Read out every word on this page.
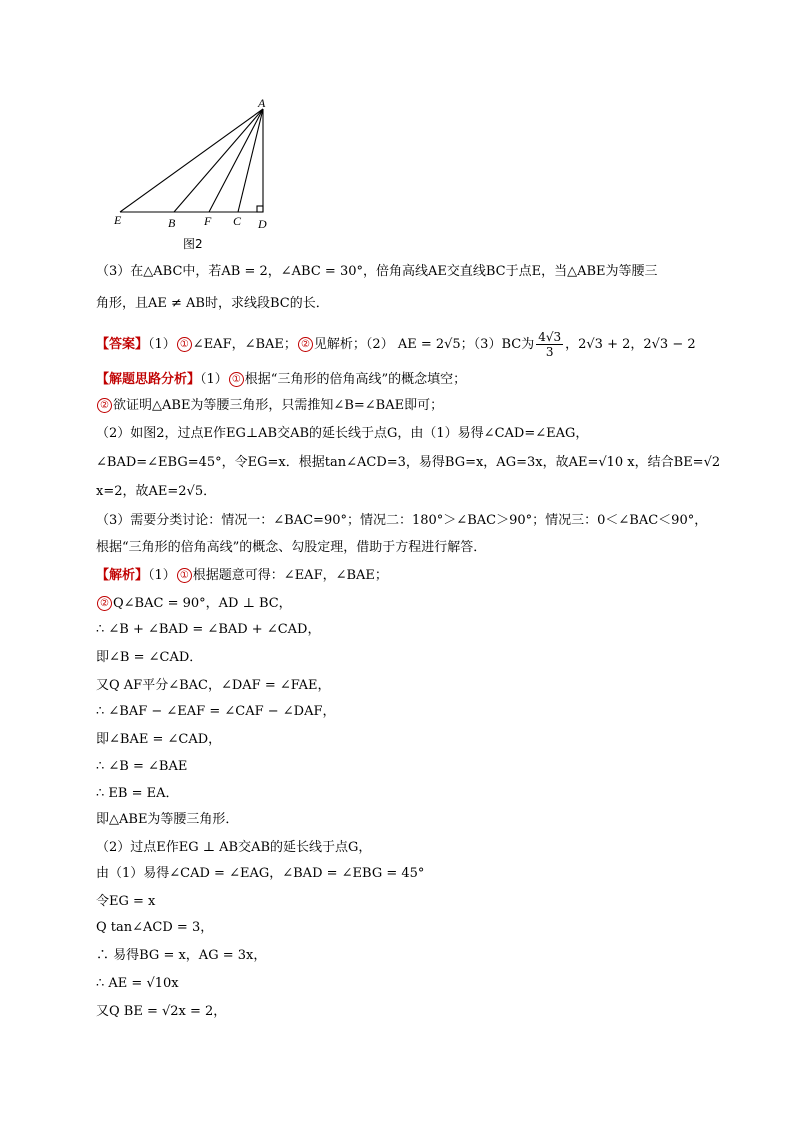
A
E	B F C D
图2
（3）在△ABC中，若AB = 2，∠ABC = 30°，倍角高线AE交直线BC于点E，当△ABE为等腰三
角形，且AE ≠ AB时，求线段BC的长．
【答案】（1） ① ∠EAF，∠BAE； ② 见解析；（2） AE = 2√5；（3）BC为 $\frac{4√3}{3}$ ，2√3 + 2，2√3 − 2
【解题思路分析】（1） ① 根据“三角形的倍角高线”的概念填空；
② 欲证明△ABE为等腰三角形，只需推知∠B=∠BAE即可；
（2）如图2，过点E作EG⊥AB交AB的延长线于点G，由（1）易得∠CAD=∠EAG，
∠BAD=∠EBG=45°，令EG=x．根据tan∠ACD=3，易得BG=x，AG=3x，故AE=√10 x，结合BE=√2
x=2，故AE=2√5．
（3）需要分类讨论：情况一：∠BAC=90°；情况二：180°＞∠BAC＞90°；情况三：0＜∠BAC＜90°，
根据“三角形的倍角高线”的概念、勾股定理，借助于方程进行解答．
【解析】（1） ① 根据题意可得：∠EAF，∠BAE；
② Q∠BAC = 90°，AD ⊥ BC，
∴ ∠B + ∠BAD = ∠BAD + ∠CAD，
即∠B = ∠CAD．
又Q AF平分∠BAC，∠DAF = ∠FAE，
∴ ∠BAF − ∠EAF = ∠CAF − ∠DAF，
即∠BAE = ∠CAD，
∴ ∠B = ∠BAE
∴ EB = EA．
即△ABE为等腰三角形．
（2）过点E作EG ⊥ AB交AB的延长线于点G，
由（1）易得∠CAD = ∠EAG，∠BAD = ∠EBG = 45°
令EG = x
Q tan∠ACD = 3，
∴ 易得BG = x，AG = 3x，
∴ AE = √10x
又Q BE = √2x = 2，
